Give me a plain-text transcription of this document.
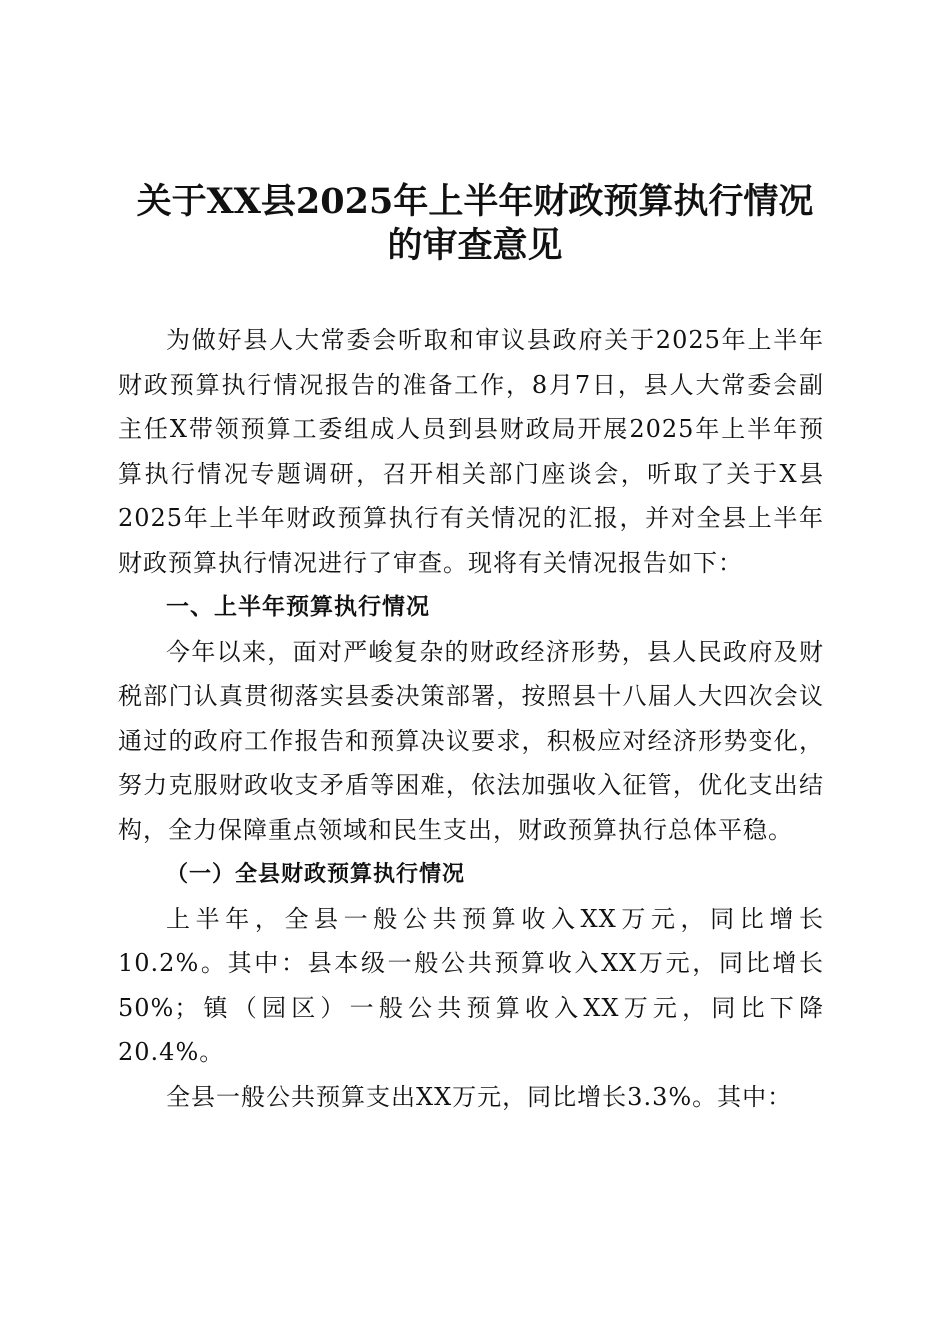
关于XX县2025年上半年财政预算执行情况
的审查意见

为做好县人大常委会听取和审议县政府关于2025年上半年财政预算执行情况报告的准备工作，8月7日，县人大常委会副主任X带领预算工委组成人员到县财政局开展2025年上半年预算执行情况专题调研，召开相关部门座谈会，听取了关于X县2025年上半年财政预算执行有关情况的汇报，并对全县上半年财政预算执行情况进行了审查。现将有关情况报告如下：

一、上半年预算执行情况

今年以来，面对严峻复杂的财政经济形势，县人民政府及财税部门认真贯彻落实县委决策部署，按照县十八届人大四次会议通过的政府工作报告和预算决议要求，积极应对经济形势变化，努力克服财政收支矛盾等困难，依法加强收入征管，优化支出结构，全力保障重点领域和民生支出，财政预算执行总体平稳。

（一）全县财政预算执行情况

上半年，全县一般公共预算收入XX万元，同比增长10.2%。其中：县本级一般公共预算收入XX万元，同比增长50%；镇（园区）一般公共预算收入XX万元，同比下降20.4%。

全县一般公共预算支出XX万元，同比增长3.3%。其中：
